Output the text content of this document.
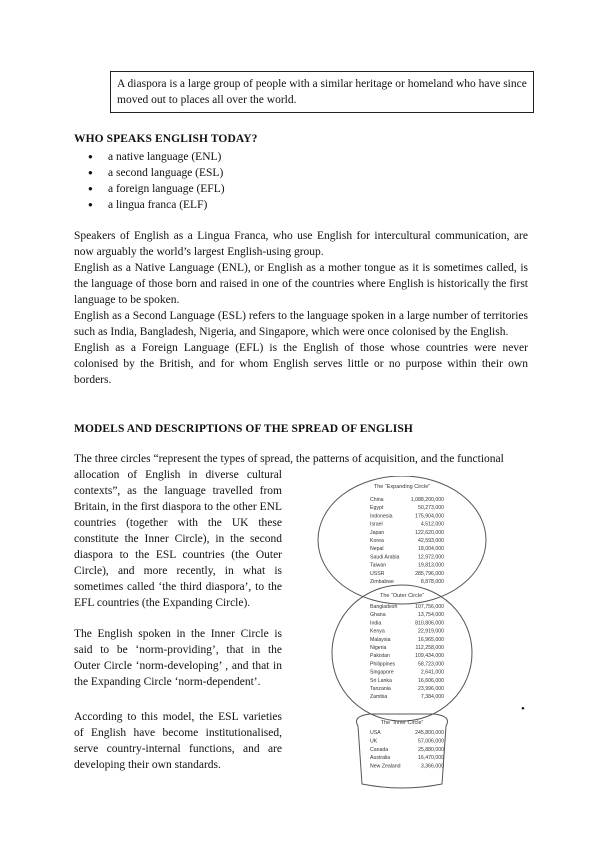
A diaspora is a large group of people with a similar heritage or homeland who have since moved out to places all over the world.
WHO SPEAKS ENGLISH TODAY?
● a native language (ENL)
● a second language (ESL)
● a foreign language (EFL)
● a lingua franca (ELF)
Speakers of English as a Lingua Franca, who use English for intercultural communication, are now arguably the world’s largest English-using group.
English as a Native Language (ENL), or English as a mother tongue as it is sometimes called, is the language of those born and raised in one of the countries where English is historically the first language to be spoken.
English as a Second Language (ESL) refers to the language spoken in a large number of territories such as India, Bangladesh, Nigeria, and Singapore, which were once colonised by the English.
English as a Foreign Language (EFL) is the English of those whose countries were never colonised by the British, and for whom English serves little or no purpose within their own borders.
MODELS AND DESCRIPTIONS OF THE SPREAD OF ENGLISH
The three circles “represent the types of spread, the patterns of acquisition, and the functional
allocation of English in diverse cultural contexts”, as the language travelled from Britain, in the first diaspora to the other ENL countries (together with the UK these constitute the Inner Circle), in the second diaspora to the ESL countries (the Outer Circle), and more recently, in what is sometimes called ‘the third diaspora’, to the EFL countries (the Expanding Circle).
The English spoken in the Inner Circle is said to be ‘norm-providing’, that in the Outer Circle ‘norm-developing’ , and that in the Expanding Circle ‘norm-dependent’.
According to this model, the ESL varieties of English have become institutionalised, serve country-internal functions, and are developing their own standards.
The “Expanding Circle”
China	1,088,200,000
Egypt	50,273,000
Indonesia	175,904,000
Israel	4,512,000
Japan	122,620,000
Korea	42,593,000
Nepal	18,004,000
Saudi Arabia	12,972,000
Taiwan	19,813,000
USSR	285,796,000
Zimbabwe	8,878,000
The “Outer Circle”
Bangladesh	107,756,000
Ghana	13,754,000
India	810,806,000
Kenya	22,919,000
Malaysia	16,965,000
Nigeria	112,258,000
Pakistan	109,434,000
Philippines	58,723,000
Singapore	2,641,000
Sri Lanka	16,606,000
Tanzania	23,996,000
Zambia	7,384,000
The “Inner Circle”
USA	245,800,000
UK	57,006,000
Canada	25,880,000
Australia	16,470,000
New Zealand	3,366,000
•
